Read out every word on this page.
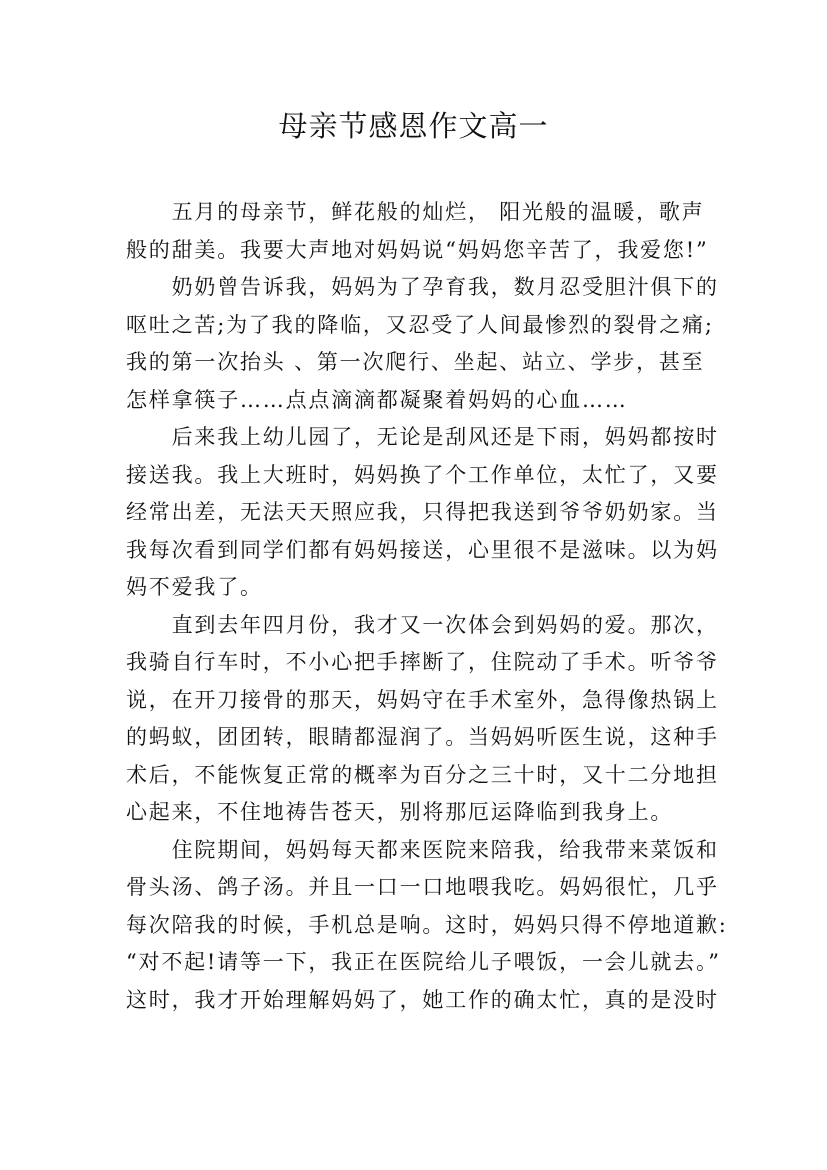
母亲节感恩作文高一
　　五月的母亲节，鲜花般的灿烂， 阳光般的温暖，歌声
般的甜美。我要大声地对妈妈说“妈妈您辛苦了，我爱您!”
　　奶奶曾告诉我，妈妈为了孕育我，数月忍受胆汁俱下的
呕吐之苦;为了我的降临，又忍受了人间最惨烈的裂骨之痛;
我的第一次抬头 、第一次爬行、坐起、站立、学步，甚至
怎样拿筷子……点点滴滴都凝聚着妈妈的心血……
　　后来我上幼儿园了，无论是刮风还是下雨，妈妈都按时
接送我。我上大班时，妈妈换了个工作单位，太忙了，又要
经常出差，无法天天照应我，只得把我送到爷爷奶奶家。当
我每次看到同学们都有妈妈接送，心里很不是滋味。以为妈
妈不爱我了。
　　直到去年四月份，我才又一次体会到妈妈的爱。那次，
我骑自行车时，不小心把手摔断了，住院动了手术。听爷爷
说，在开刀接骨的那天，妈妈守在手术室外，急得像热锅上
的蚂蚁，团团转，眼睛都湿润了。当妈妈听医生说，这种手
术后，不能恢复正常的概率为百分之三十时，又十二分地担
心起来，不住地祷告苍天，别将那厄运降临到我身上。
　　住院期间，妈妈每天都来医院来陪我，给我带来菜饭和
骨头汤、鸽子汤。并且一口一口地喂我吃。妈妈很忙，几乎
每次陪我的时候，手机总是响。这时，妈妈只得不停地道歉:
“对不起!请等一下，我正在医院给儿子喂饭，一会儿就去。”
这时，我才开始理解妈妈了，她工作的确太忙，真的是没时
